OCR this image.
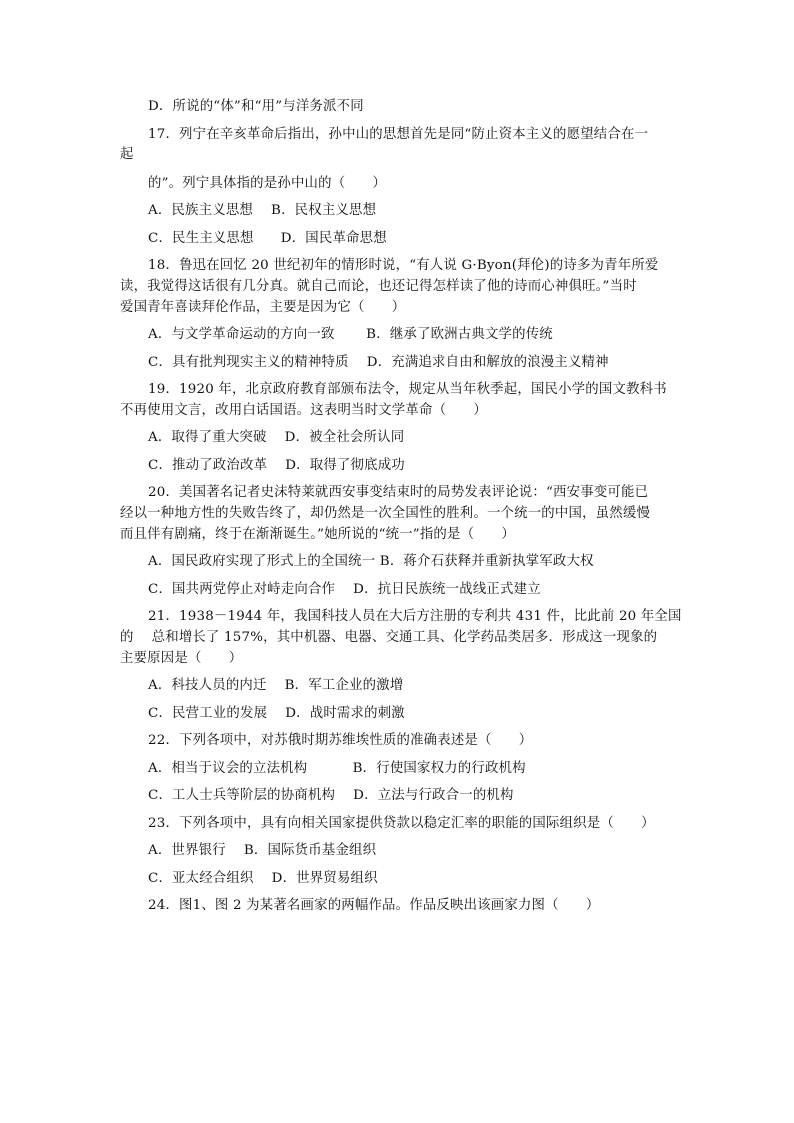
D．所说的“体”和“用”与洋务派不同
17．列宁在辛亥革命后指出，孙中山的思想首先是同“防止资本主义的愿望结合在一
起
的”。列宁具体指的是孙中山的（　　）
A．民族主义思想　 B．民权主义思想
C．民生主义思想　　D．国民革命思想
18．鲁迅在回忆 20 世纪初年的情形时说，“有人说 G·Byon(拜伦)的诗多为青年所爱
读，我觉得这话很有几分真。就自己而论，也还记得怎样读了他的诗而心神俱旺。”当时
爱国青年喜读拜伦作品，主要是因为它（　　）
A．与文学革命运动的方向一致　　 B．继承了欧洲古典文学的传统
C．具有批判现实主义的精神特质　 D．充满追求自由和解放的浪漫主义精神
19．1920 年，北京政府教育部颁布法令，规定从当年秋季起，国民小学的国文教科书
不再使用文言，改用白话国语。这表明当时文学革命（　　）
A．取得了重大突破　 D．被全社会所认同
C．推动了政治改革　 D．取得了彻底成功
20．美国著名记者史沫特莱就西安事变结束时的局势发表评论说：“西安事变可能已
经以一种地方性的失败告终了，却仍然是一次全国性的胜利。一个统一的中国，虽然缓慢
而且伴有剧痛，终于在渐渐诞生。”她所说的“统一”指的是（　　）
A．国民政府实现了形式上的全国统一 B．蒋介石获释并重新执掌军政大权
C．国共两党停止对峙走向合作　 D．抗日民族统一战线正式建立
21．1938－1944 年，我国科技人员在大后方注册的专利共 431 件，比此前 20 年全国
的　 总和增长了 157%，其中机器、电器、交通工具、化学药品类居多．形成这一现象的
主要原因是（　　）
A．科技人员的内迁　 B．军工企业的激增
C．民营工业的发展　 D．战时需求的刺激
22．下列各项中，对苏俄时期苏维埃性质的准确表述是（　　）
A．相当于议会的立法机构　　　 B．行使国家权力的行政机构
C．工人士兵等阶层的协商机构　 D．立法与行政合一的机构
23．下列各项中，具有向相关国家提供贷款以稳定汇率的职能的国际组织是（　　）
A．世界银行　 B．国际货币基金组织
C．亚太经合组织　 D．世界贸易组织
24．图1、图 2 为某著名画家的两幅作品。作品反映出该画家力图（　　）
